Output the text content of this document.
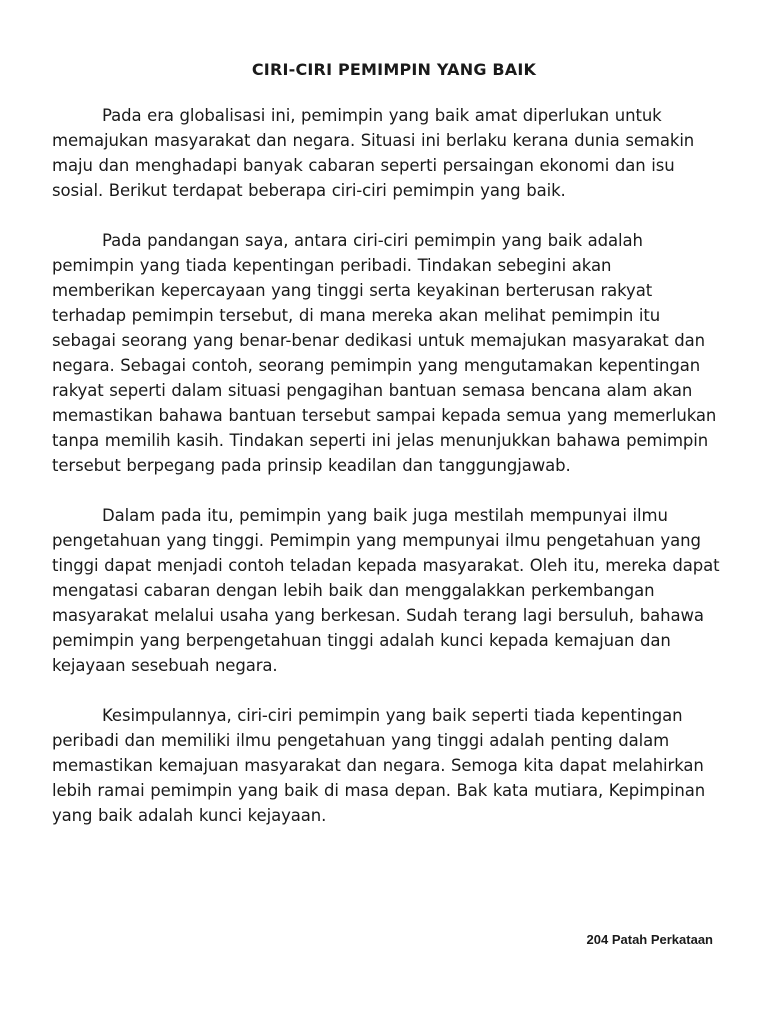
CIRI-CIRI PEMIMPIN YANG BAIK

Pada era globalisasi ini, pemimpin yang baik amat diperlukan untuk memajukan masyarakat dan negara. Situasi ini berlaku kerana dunia semakin maju dan menghadapi banyak cabaran seperti persaingan ekonomi dan isu sosial. Berikut terdapat beberapa ciri-ciri pemimpin yang baik.

Pada pandangan saya, antara ciri-ciri pemimpin yang baik adalah pemimpin yang tiada kepentingan peribadi. Tindakan sebegini akan memberikan kepercayaan yang tinggi serta keyakinan berterusan rakyat terhadap pemimpin tersebut, di mana mereka akan melihat pemimpin itu sebagai seorang yang benar-benar dedikasi untuk memajukan masyarakat dan negara. Sebagai contoh, seorang pemimpin yang mengutamakan kepentingan rakyat seperti dalam situasi pengagihan bantuan semasa bencana alam akan memastikan bahawa bantuan tersebut sampai kepada semua yang memerlukan tanpa memilih kasih. Tindakan seperti ini jelas menunjukkan bahawa pemimpin tersebut berpegang pada prinsip keadilan dan tanggungjawab.

Dalam pada itu, pemimpin yang baik juga mestilah mempunyai ilmu pengetahuan yang tinggi. Pemimpin yang mempunyai ilmu pengetahuan yang tinggi dapat menjadi contoh teladan kepada masyarakat. Oleh itu, mereka dapat mengatasi cabaran dengan lebih baik dan menggalakkan perkembangan masyarakat melalui usaha yang berkesan. Sudah terang lagi bersuluh, bahawa pemimpin yang berpengetahuan tinggi adalah kunci kepada kemajuan dan kejayaan sesebuah negara.

Kesimpulannya, ciri-ciri pemimpin yang baik seperti tiada kepentingan peribadi dan memiliki ilmu pengetahuan yang tinggi adalah penting dalam memastikan kemajuan masyarakat dan negara. Semoga kita dapat melahirkan lebih ramai pemimpin yang baik di masa depan. Bak kata mutiara, Kepimpinan yang baik adalah kunci kejayaan.

204 Patah Perkataan
